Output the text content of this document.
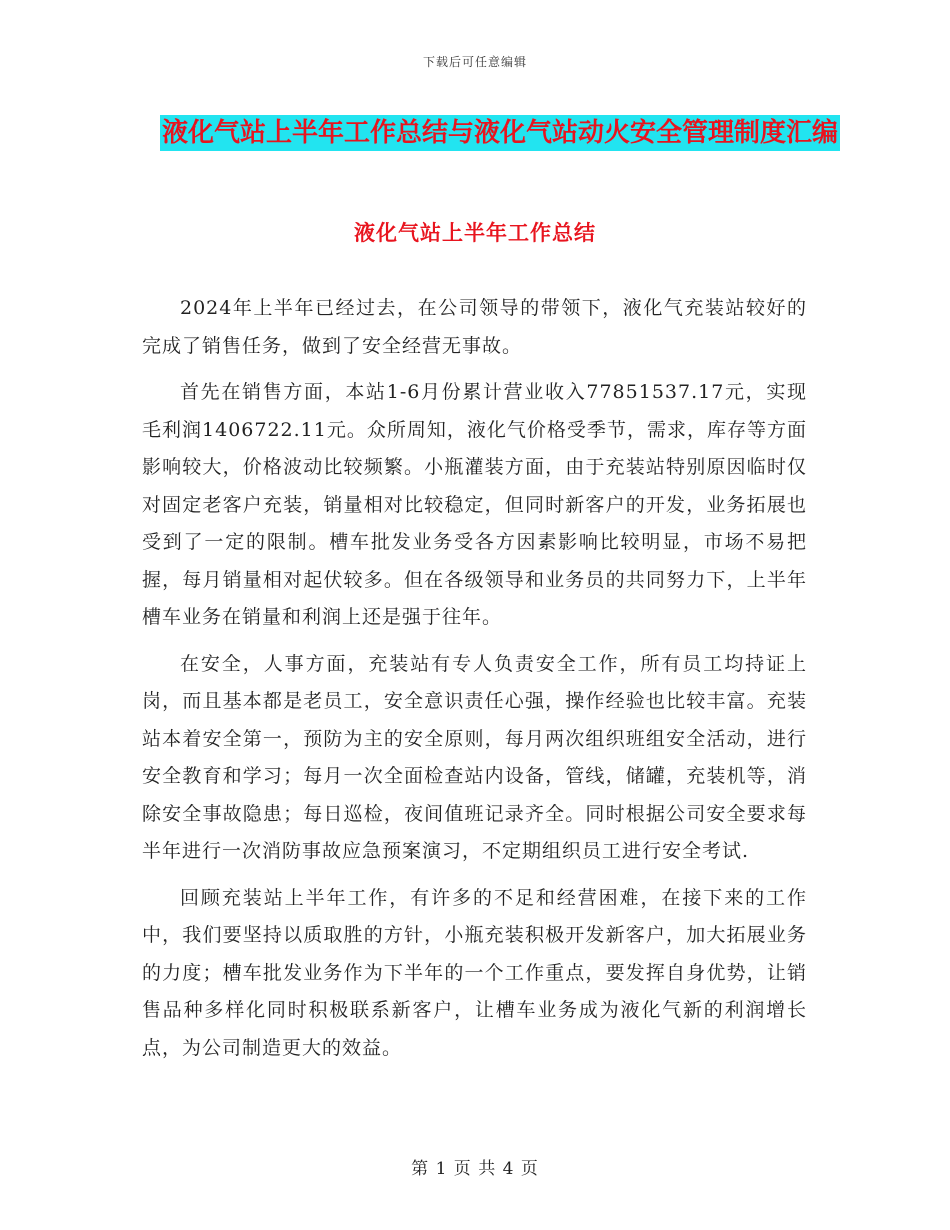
下载后可任意编辑
液化气站上半年工作总结与液化气站动火安全管理制度汇编
液化气站上半年工作总结

2024年上半年已经过去，在公司领导的带领下，液化气充装站较好的完成了销售任务，做到了安全经营无事故。

首先在销售方面，本站1-6月份累计营业收入77851537.17元，实现毛利润1406722.11元。众所周知，液化气价格受季节，需求，库存等方面影响较大，价格波动比较频繁。小瓶灌装方面，由于充装站特别原因临时仅对固定老客户充装，销量相对比较稳定，但同时新客户的开发，业务拓展也受到了一定的限制。槽车批发业务受各方因素影响比较明显，市场不易把握，每月销量相对起伏较多。但在各级领导和业务员的共同努力下，上半年槽车业务在销量和利润上还是强于往年。

在安全，人事方面，充装站有专人负责安全工作，所有员工均持证上岗，而且基本都是老员工，安全意识责任心强，操作经验也比较丰富。充装站本着安全第一，预防为主的安全原则，每月两次组织班组安全活动，进行安全教育和学习；每月一次全面检查站内设备，管线，储罐，充装机等，消除安全事故隐患；每日巡检，夜间值班记录齐全。同时根据公司安全要求每半年进行一次消防事故应急预案演习，不定期组织员工进行安全考试.

回顾充装站上半年工作，有许多的不足和经营困难，在接下来的工作中，我们要坚持以质取胜的方针，小瓶充装积极开发新客户，加大拓展业务的力度；槽车批发业务作为下半年的一个工作重点，要发挥自身优势，让销售品种多样化同时积极联系新客户，让槽车业务成为液化气新的利润增长点，为公司制造更大的效益。

第 1 页 共 4 页
